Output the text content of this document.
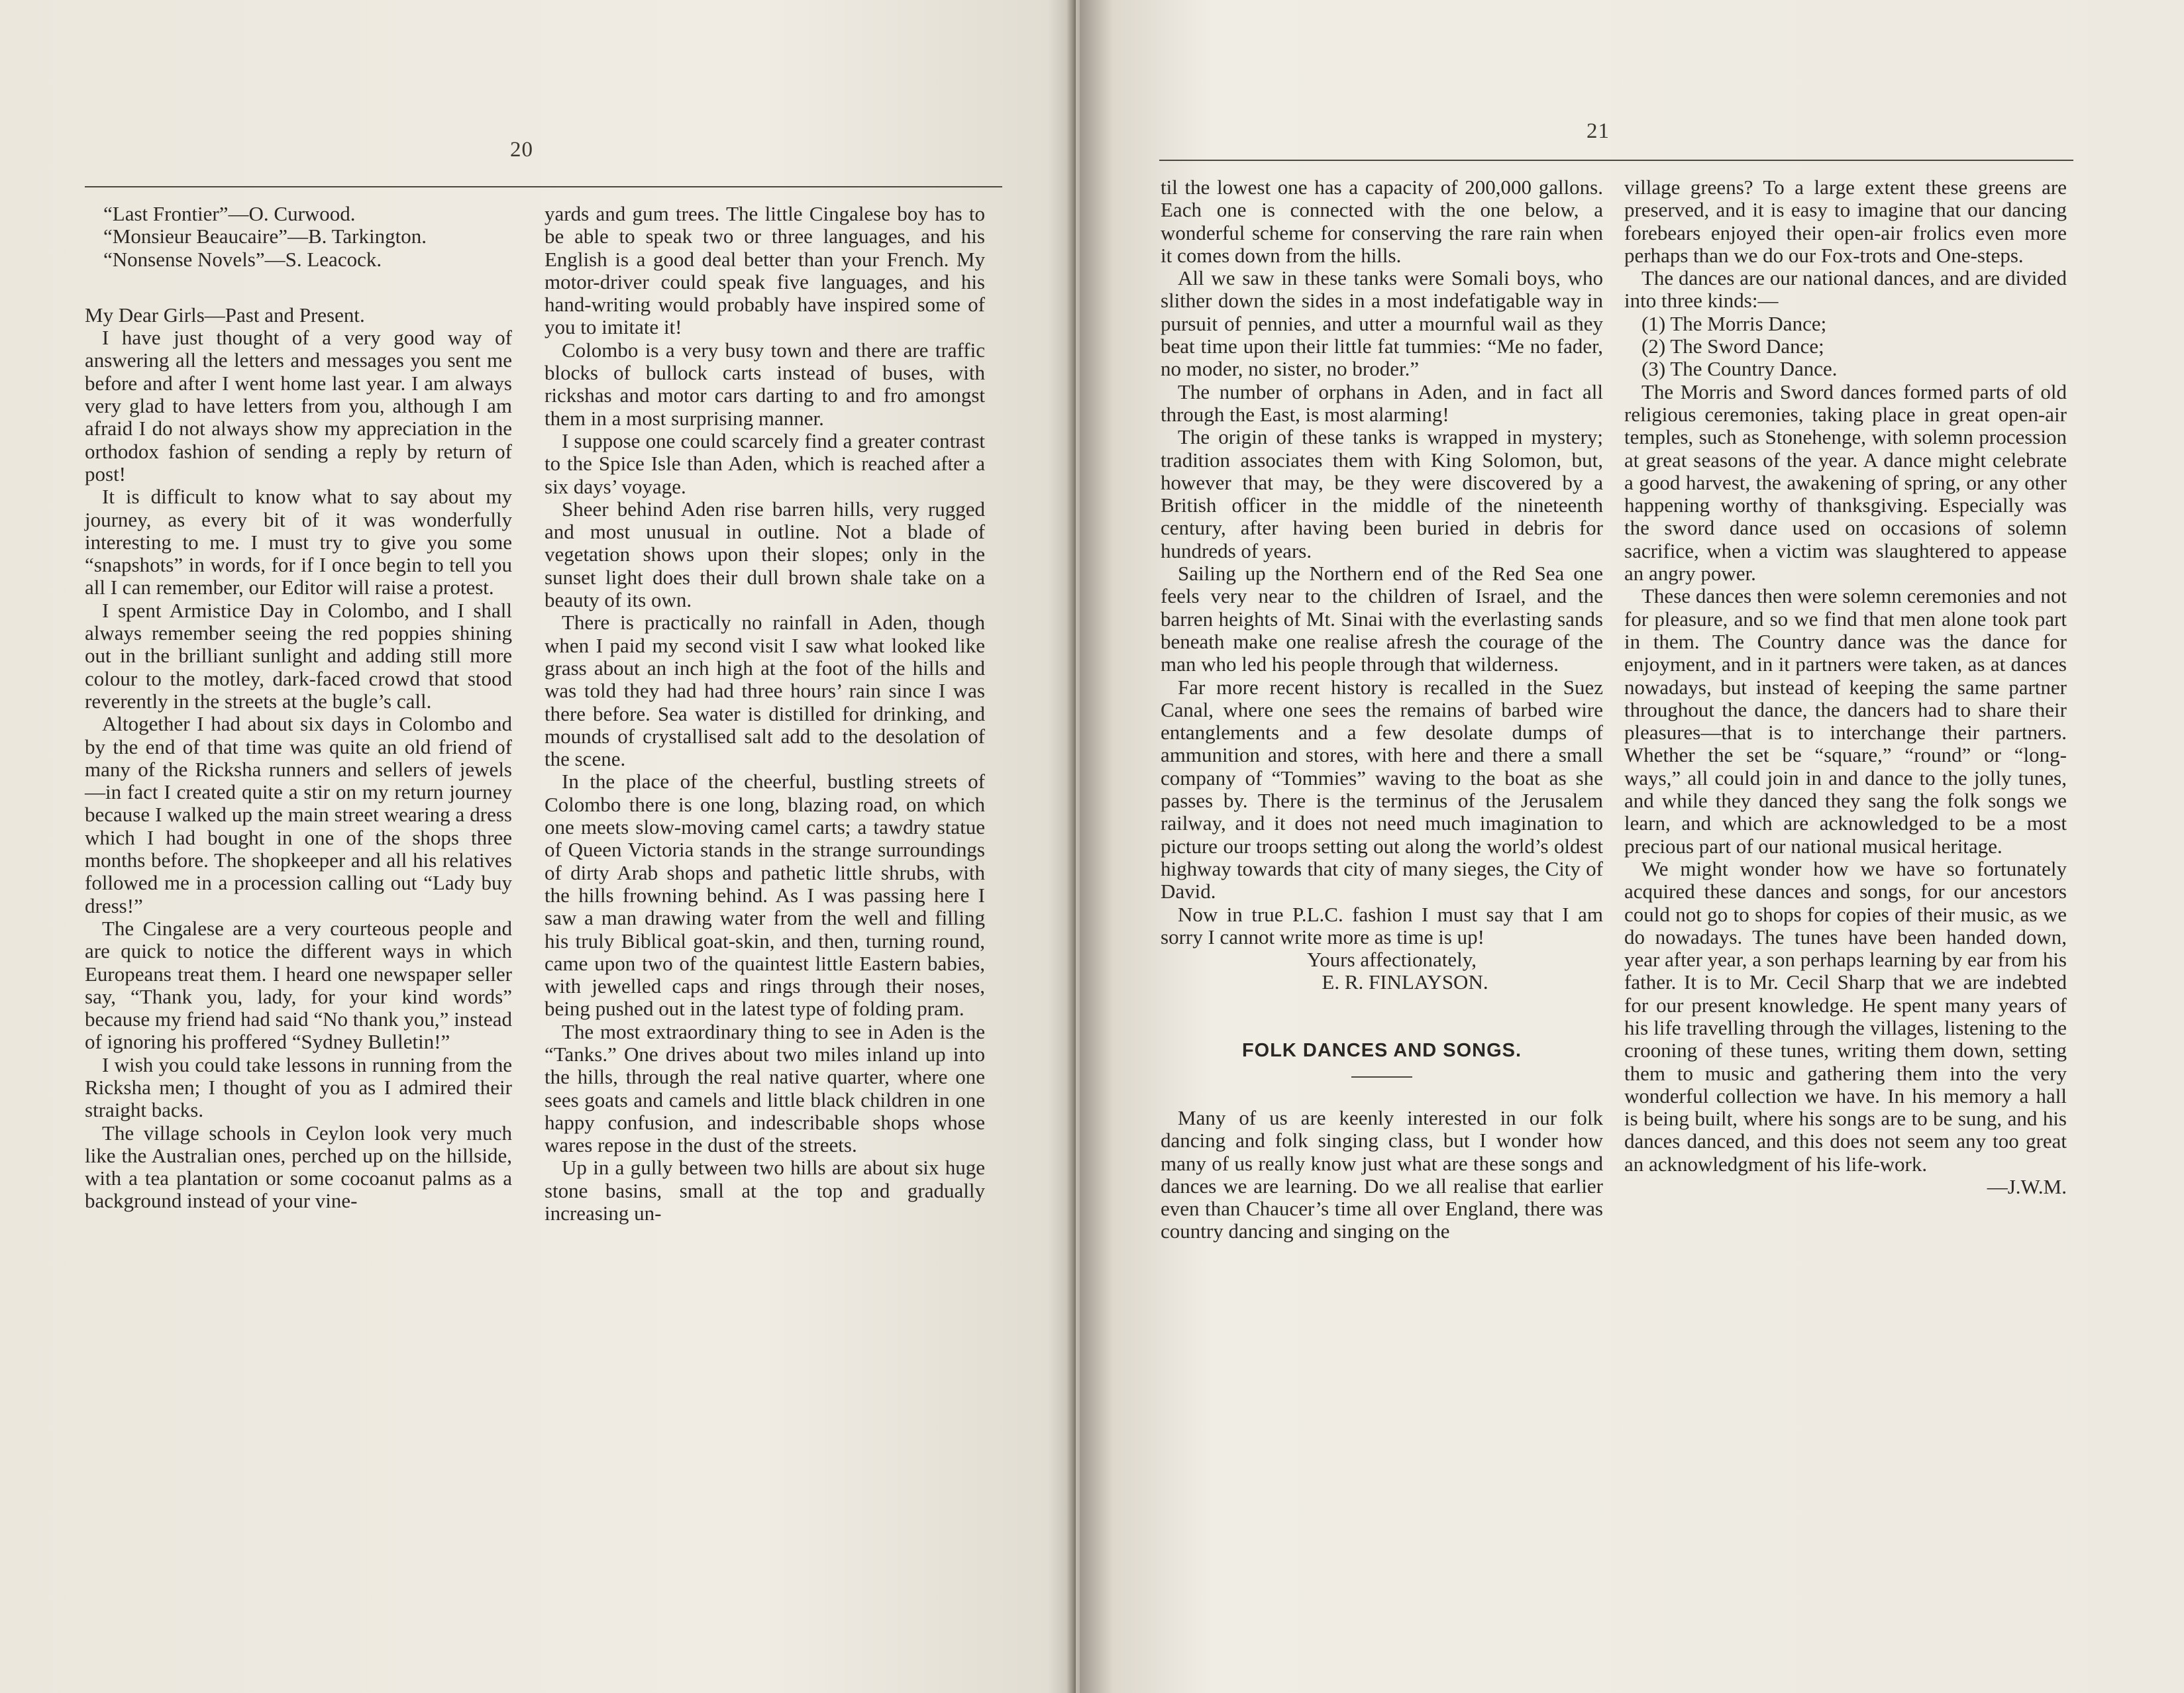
20

“Last Frontier”—O. Curwood.

“Monsieur Beaucaire”—B. Tarkington.

“Nonsense Novels”—S. Leacock.

My Dear Girls—Past and Present.

I have just thought of a very good way of answering all the letters and messages you sent me before and after I went home last year. I am always very glad to have letters from you, although I am afraid I do not always show my appreciation in the orthodox fashion of sending a reply by return of post!

It is difficult to know what to say about my journey, as every bit of it was wonderfully interesting to me. I must try to give you some “snapshots” in words, for if I once begin to tell you all I can remember, our Editor will raise a protest.

I spent Armistice Day in Colombo, and I shall always remember seeing the red poppies shining out in the brilliant sunlight and adding still more colour to the motley, dark-faced crowd that stood reverently in the streets at the bugle’s call.

Altogether I had about six days in Colombo and by the end of that time was quite an old friend of many of the Ricksha runners and sellers of jewels—in fact I created quite a stir on my return journey because I walked up the main street wearing a dress which I had bought in one of the shops three months before. The shopkeeper and all his relatives followed me in a procession calling out “Lady buy dress!”

The Cingalese are a very courteous people and are quick to notice the different ways in which Europeans treat them. I heard one newspaper seller say, “Thank you, lady, for your kind words” because my friend had said “No thank you,” instead of ignoring his proffered “Sydney Bulletin!”

I wish you could take lessons in running from the Ricksha men; I thought of you as I admired their straight backs.

The village schools in Ceylon look very much like the Australian ones, perched up on the hillside, with a tea plantation or some cocoanut palms as a background instead of your vine-

yards and gum trees. The little Cingalese boy has to be able to speak two or three languages, and his English is a good deal better than your French. My motor-driver could speak five languages, and his hand-writing would probably have inspired some of you to imitate it!

Colombo is a very busy town and there are traffic blocks of bullock carts instead of buses, with rickshas and motor cars darting to and fro amongst them in a most surprising manner.

I suppose one could scarcely find a greater contrast to the Spice Isle than Aden, which is reached after a six days’ voyage.

Sheer behind Aden rise barren hills, very rugged and most unusual in outline. Not a blade of vegetation shows upon their slopes; only in the sunset light does their dull brown shale take on a beauty of its own.

There is practically no rainfall in Aden, though when I paid my second visit I saw what looked like grass about an inch high at the foot of the hills and was told they had had three hours’ rain since I was there before. Sea water is distilled for drinking, and mounds of crystallised salt add to the desolation of the scene.

In the place of the cheerful, bustling streets of Colombo there is one long, blazing road, on which one meets slow-moving camel carts; a tawdry statue of Queen Victoria stands in the strange surroundings of dirty Arab shops and pathetic little shrubs, with the hills frowning behind. As I was passing here I saw a man drawing water from the well and filling his truly Biblical goat-skin, and then, turning round, came upon two of the quaintest little Eastern babies, with jewelled caps and rings through their noses, being pushed out in the latest type of folding pram.

The most extraordinary thing to see in Aden is the “Tanks.” One drives about two miles inland up into the hills, through the real native quarter, where one sees goats and camels and little black children in one happy confusion, and indescribable shops whose wares repose in the dust of the streets.

Up in a gully between two hills are about six huge stone basins, small at the top and gradually increasing un-

21

til the lowest one has a capacity of 200,000 gallons. Each one is connected with the one below, a wonderful scheme for conserving the rare rain when it comes down from the hills.

All we saw in these tanks were Somali boys, who slither down the sides in a most indefatigable way in pursuit of pennies, and utter a mournful wail as they beat time upon their little fat tummies: “Me no fader, no moder, no sister, no broder.”

The number of orphans in Aden, and in fact all through the East, is most alarming!

The origin of these tanks is wrapped in mystery; tradition associates them with King Solomon, but, however that may, be they were discovered by a British officer in the middle of the nineteenth century, after having been buried in debris for hundreds of years.

Sailing up the Northern end of the Red Sea one feels very near to the children of Israel, and the barren heights of Mt. Sinai with the everlasting sands beneath make one realise afresh the courage of the man who led his people through that wilderness.

Far more recent history is recalled in the Suez Canal, where one sees the remains of barbed wire entanglements and a few desolate dumps of ammunition and stores, with here and there a small company of “Tommies” waving to the boat as she passes by. There is the terminus of the Jerusalem railway, and it does not need much imagination to picture our troops setting out along the world’s oldest highway towards that city of many sieges, the City of David.

Now in true P.L.C. fashion I must say that I am sorry I cannot write more as time is up!

Yours affectionately,

E. R. FINLAYSON.

FOLK DANCES AND SONGS.

Many of us are keenly interested in our folk dancing and folk singing class, but I wonder how many of us really know just what are these songs and dances we are learning. Do we all realise that earlier even than Chaucer’s time all over England, there was country dancing and singing on the

village greens? To a large extent these greens are preserved, and it is easy to imagine that our dancing forebears enjoyed their open-air frolics even more perhaps than we do our Fox-trots and One-steps.

The dances are our national dances, and are divided into three kinds:—

(1) The Morris Dance;

(2) The Sword Dance;

(3) The Country Dance.

The Morris and Sword dances formed parts of old religious ceremonies, taking place in great open-air temples, such as Stonehenge, with solemn procession at great seasons of the year. A dance might celebrate a good harvest, the awakening of spring, or any other happening worthy of thanksgiving. Especially was the sword dance used on occasions of solemn sacrifice, when a victim was slaughtered to appease an angry power.

These dances then were solemn ceremonies and not for pleasure, and so we find that men alone took part in them. The Country dance was the dance for enjoyment, and in it partners were taken, as at dances nowadays, but instead of keeping the same partner throughout the dance, the dancers had to share their pleasures—that is to interchange their partners. Whether the set be “square,” “round” or “long-ways,” all could join in and dance to the jolly tunes, and while they danced they sang the folk songs we learn, and which are acknowledged to be a most precious part of our national musical heritage.

We might wonder how we have so fortunately acquired these dances and songs, for our ancestors could not go to shops for copies of their music, as we do nowadays. The tunes have been handed down, year after year, a son perhaps learning by ear from his father. It is to Mr. Cecil Sharp that we are indebted for our present knowledge. He spent many years of his life travelling through the villages, listening to the crooning of these tunes, writing them down, setting them to music and gathering them into the very wonderful collection we have. In his memory a hall is being built, where his songs are to be sung, and his dances danced, and this does not seem any too great an acknowledgment of his life-work.

—J.W.M.
